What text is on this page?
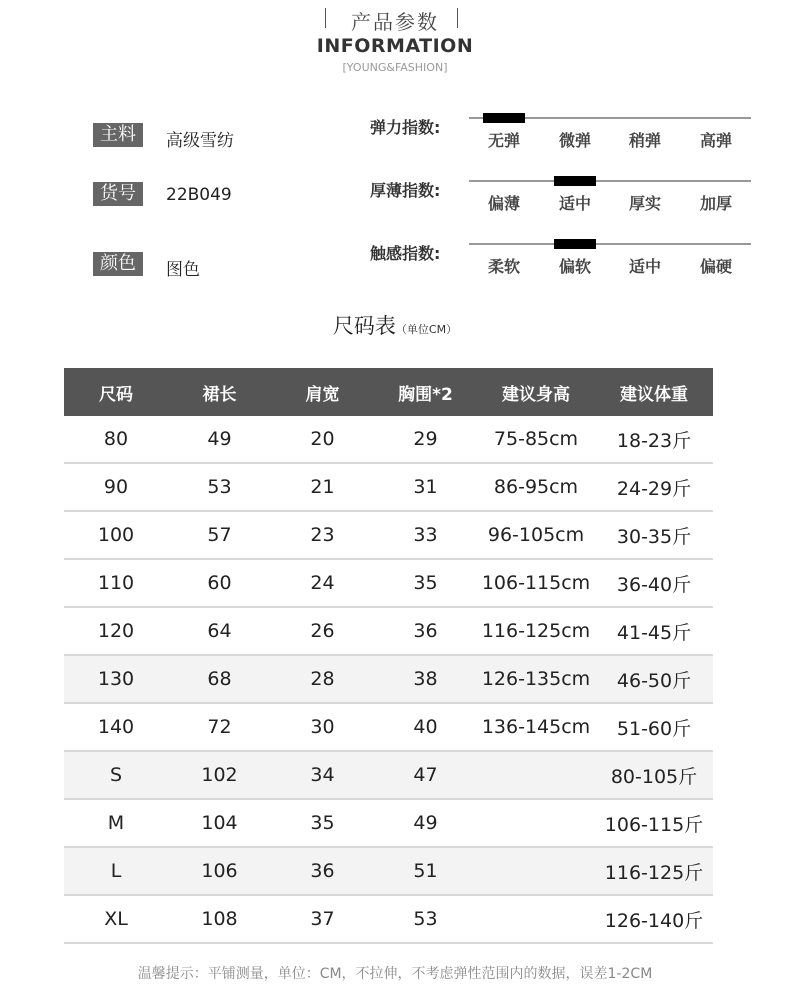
产品参数
INFORMATION
[YOUNG&FASHION]
主料	高级雪纺
货号	22B049
颜色	图色
弹力指数:
无弹	微弹	稍弹	高弹
厚薄指数:
偏薄	适中	厚实	加厚
触感指数:
柔软	偏软	适中	偏硬
尺码表（单位CM）
尺码	裙长	肩宽	胸围*2	建议身高	建议体重
80	49	20	29	75-85cm	18-23斤
90	53	21	31	86-95cm	24-29斤
100	57	23	33	96-105cm	30-35斤
110	60	24	35	106-115cm	36-40斤
120	64	26	36	116-125cm	41-45斤
130	68	28	38	126-135cm	46-50斤
140	72	30	40	136-145cm	51-60斤
S	102	34	47		80-105斤
M	104	35	49		106-115斤
L	106	36	51		116-125斤
XL	108	37	53		126-140斤
温馨提示：平铺测量，单位：CM，不拉伸，不考虑弹性范围内的数据，误差1-2CM
